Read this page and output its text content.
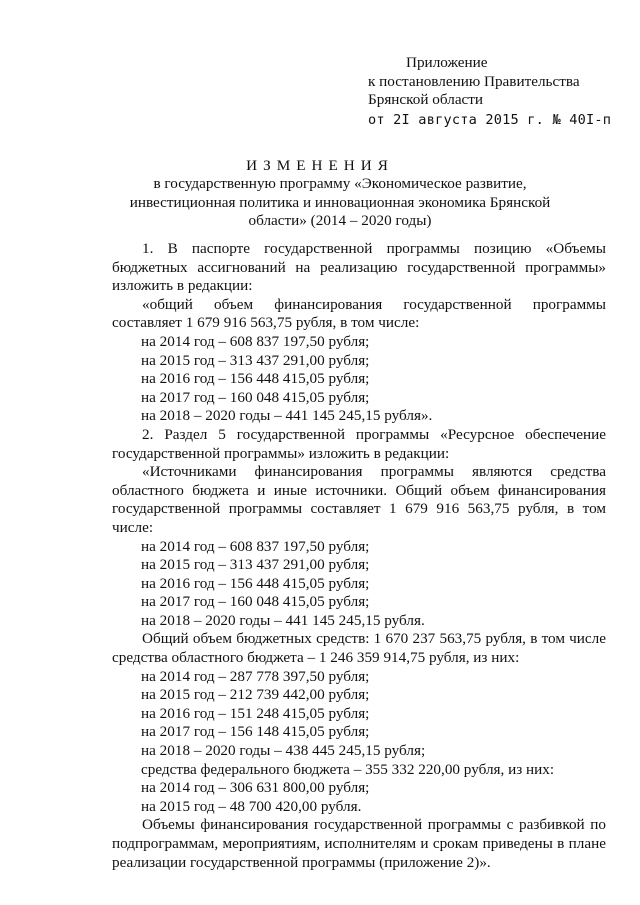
Приложение
к постановлению Правительства
Брянской области
от 2I августа 2015 г. № 40I-п
ИЗМЕНЕНИЯ
в государственную программу «Экономическое развитие, инвестиционная политика и инновационная экономика Брянской области» (2014 – 2020 годы)
1. В паспорте государственной программы позицию «Объемы бюджетных ассигнований на реализацию государственной программы» изложить в редакции:
«общий объем финансирования государственной программы составляет 1 679 916 563,75 рубля, в том числе:
на 2014 год – 608 837 197,50 рубля;
на 2015 год – 313 437 291,00 рубля;
на 2016 год – 156 448 415,05 рубля;
на 2017 год – 160 048 415,05 рубля;
на 2018 – 2020 годы – 441 145 245,15 рубля».
2. Раздел 5 государственной программы «Ресурсное обеспечение государственной программы» изложить в редакции:
«Источниками финансирования программы являются средства областного бюджета и иные источники. Общий объем финансирования государственной программы составляет 1 679 916 563,75 рубля, в том числе:
на 2014 год – 608 837 197,50 рубля;
на 2015 год – 313 437 291,00 рубля;
на 2016 год – 156 448 415,05 рубля;
на 2017 год – 160 048 415,05 рубля;
на 2018 – 2020 годы – 441 145 245,15 рубля.
Общий объем бюджетных средств: 1 670 237 563,75 рубля, в том числе средства областного бюджета – 1 246 359 914,75 рубля, из них:
на 2014 год – 287 778 397,50 рубля;
на 2015 год – 212 739 442,00 рубля;
на 2016 год – 151 248 415,05 рубля;
на 2017 год – 156 148 415,05 рубля;
на 2018 – 2020 годы – 438 445 245,15 рубля;
средства федерального бюджета – 355 332 220,00 рубля, из них:
на 2014 год – 306 631 800,00 рубля;
на 2015 год – 48 700 420,00 рубля.
Объемы финансирования государственной программы с разбивкой по подпрограммам, мероприятиям, исполнителям и срокам приведены в плане реализации государственной программы (приложение 2)».
